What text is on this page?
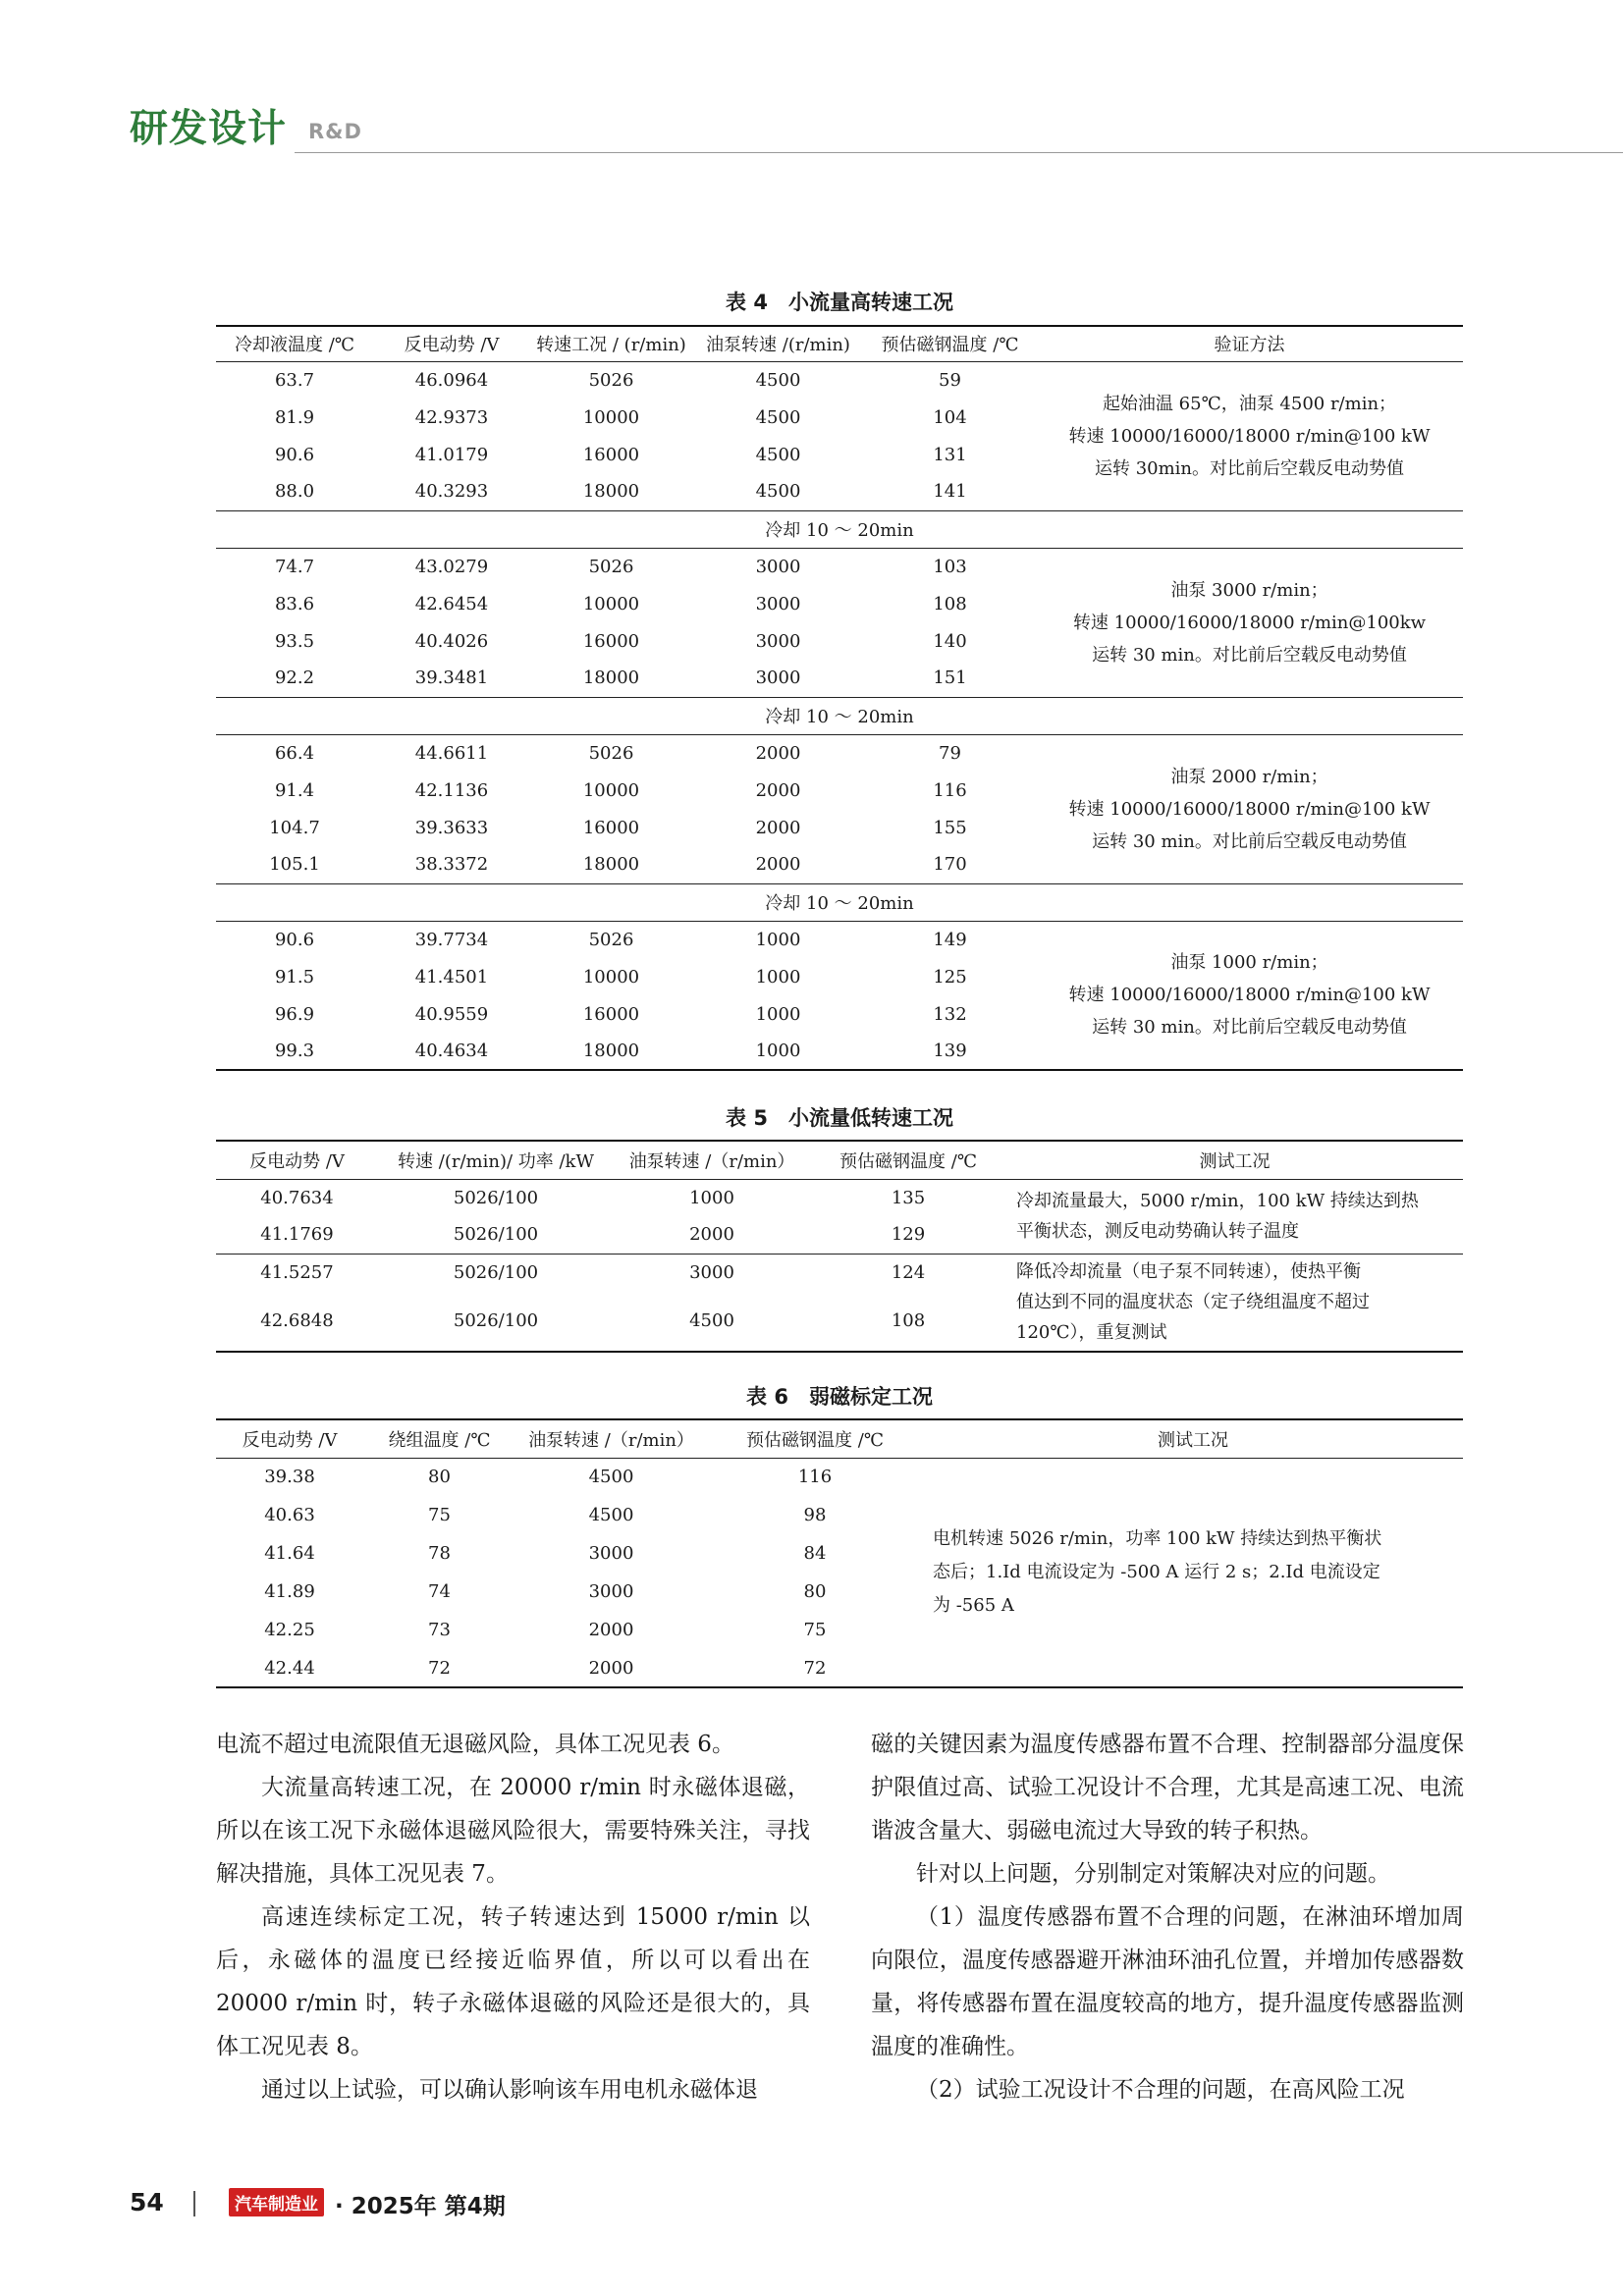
研发设计 R&D
表 4　小流量高转速工况
冷却液温度 /℃	反电动势 /V	转速工况 / (r/min)	油泵转速 /(r/min)	预估磁钢温度 /℃	验证方法
63.7	46.0964	5026	4500	59	起始油温 65℃，油泵 4500 r/min；
转速 10000/16000/18000 r/min@100 kW
运转 30min。对比前后空载反电动势值

81.9	42.9373	10000	4500	104	
90.6	41.0179	16000	4500	131	
88.0	40.3293	18000	4500	141	
冷却 10 ～ 20min					
74.7	43.0279	5026	3000	103	油泵 3000 r/min；
转速 10000/16000/18000 r/min@100kw
运转 30 min。对比前后空载反电动势值

83.6	42.6454	10000	3000	108	
93.5	40.4026	16000	3000	140	
92.2	39.3481	18000	3000	151	
冷却 10 ～ 20min					
66.4	44.6611	5026	2000	79	油泵 2000 r/min；
转速 10000/16000/18000 r/min@100 kW
运转 30 min。对比前后空载反电动势值

91.4	42.1136	10000	2000	116	
104.7	39.3633	16000	2000	155	
105.1	38.3372	18000	2000	170	
冷却 10 ～ 20min					
90.6	39.7734	5026	1000	149	油泵 1000 r/min；
转速 10000/16000/18000 r/min@100 kW
运转 30 min。对比前后空载反电动势值

91.5	41.4501	10000	1000	125	
96.9	40.9559	16000	1000	132	
99.3	40.4634	18000	1000	139	
表 5　小流量低转速工况
反电动势 /V	转速 /(r/min)/ 功率 /kW	油泵转速 /（r/min）	预估磁钢温度 /℃	测试工况
40.7634	5026/100	1000	135	冷却流量最大，5000 r/min，100 kW 持续达到热
平衡状态，测反电动势确认转子温度

41.1769	5026/100	2000	129	
41.5257	5026/100	3000	124	降低冷却流量（电子泵不同转速），使热平衡
值达到不同的温度状态（定子绕组温度不超过
120℃），重复测试

42.6848	5026/100	4500	108	
表 6　弱磁标定工况
反电动势 /V	绕组温度 /℃	油泵转速 /（r/min）	预估磁钢温度 /℃	测试工况
39.38	80	4500	116	电机转速 5026 r/min，功率 100 kW 持续达到热平衡状
态后；1.Id 电流设定为 -500 A 运行 2 s；2.Id 电流设定
为 -565 A

40.63	75	4500	98	
41.64	78	3000	84	
41.89	74	3000	80	
42.25	73	2000	75	
42.44	72	2000	72	

电流不超过电流限值无退磁风险，具体工况见表 6。

大流量高转速工况，在 20000 r/min 时永磁体退磁，所以在该工况下永磁体退磁风险很大，需要特殊关注，寻找解决措施，具体工况见表 7。

高速连续标定工况，转子转速达到 15000 r/min 以后，永磁体的温度已经接近临界值，所以可以看出在 20000 r/min 时，转子永磁体退磁的风险还是很大的，具体工况见表 8。

通过以上试验，可以确认影响该车用电机永磁体退

磁的关键因素为温度传感器布置不合理、控制器部分温度保护限值过高、试验工况设计不合理，尤其是高速工况、电流谐波含量大、弱磁电流过大导致的转子积热。

针对以上问题，分别制定对策解决对应的问题。

（1）温度传感器布置不合理的问题，在淋油环增加周向限位，温度传感器避开淋油环油孔位置，并增加传感器数量，将传感器布置在温度较高的地方，提升温度传感器监测温度的准确性。

（2）试验工况设计不合理的问题，在高风险工况

54	汽车制造业 · 2025年 第4期
